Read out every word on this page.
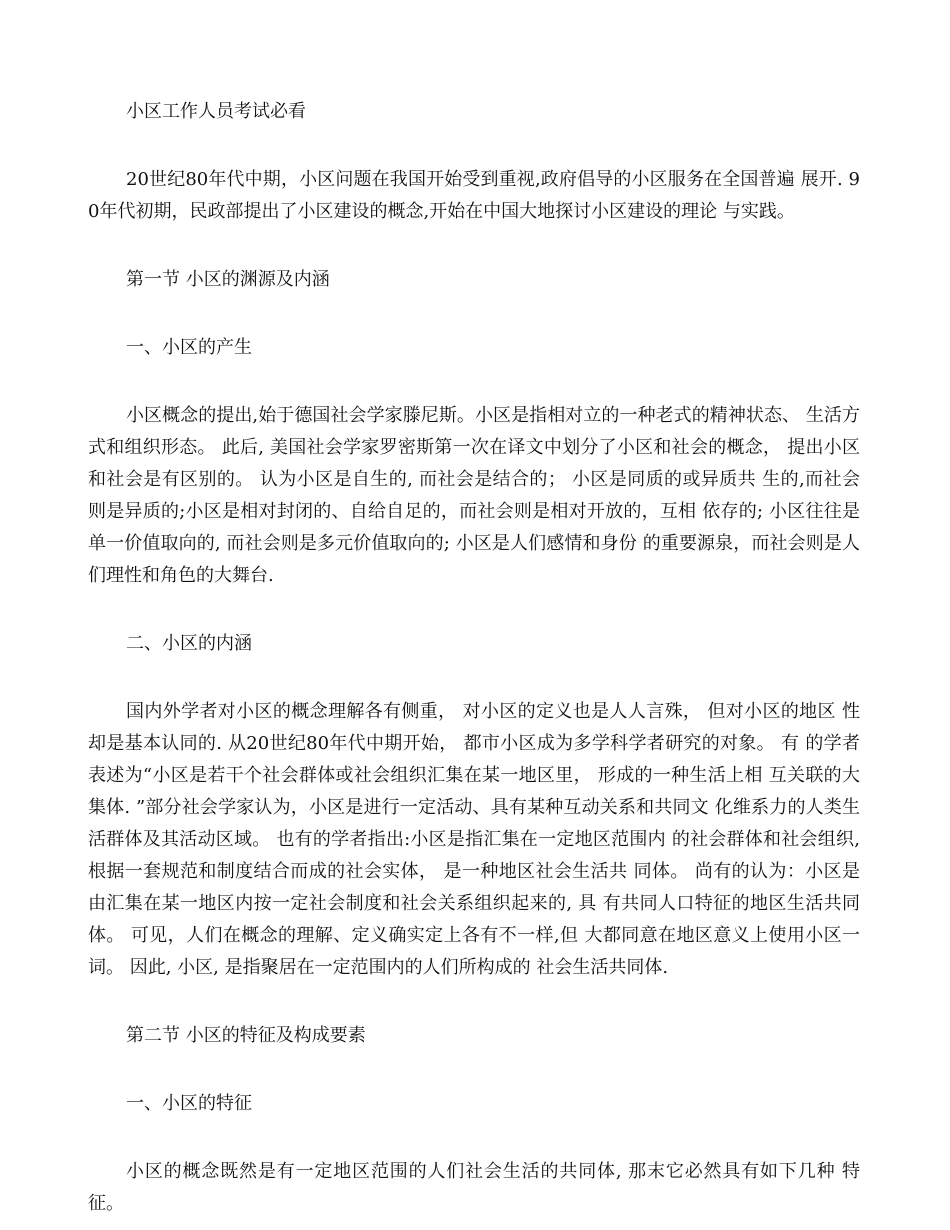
小区工作人员考试必看

20世纪80年代中期，小区问题在我国开始受到重视,政府倡导的小区服务在全国普遍 展开. 90年代初期，民政部提出了小区建设的概念,开始在中国大地探讨小区建设的理论 与实践。

第一节 小区的渊源及内涵

一、小区的产生

小区概念的提出,始于德国社会学家滕尼斯。小区是指相对立的一种老式的精神状态、 生活方式和组织形态。 此后, 美国社会学家罗密斯第一次在译文中划分了小区和社会的概念， 提出小区和社会是有区别的。 认为小区是自生的, 而社会是结合的； 小区是同质的或异质共 生的,而社会则是异质的;小区是相对封闭的、自给自足的，而社会则是相对开放的，互相 依存的; 小区往往是单一价值取向的, 而社会则是多元价值取向的; 小区是人们感情和身份 的重要源泉，而社会则是人们理性和角色的大舞台.

二、小区的内涵

国内外学者对小区的概念理解各有侧重， 对小区的定义也是人人言殊， 但对小区的地区 性却是基本认同的. 从20世纪80年代中期开始， 都市小区成为多学科学者研究的对象。 有 的学者表述为“小区是若干个社会群体或社会组织汇集在某一地区里， 形成的一种生活上相 互关联的大集体. ”部分社会学家认为，小区是进行一定活动、具有某种互动关系和共同文 化维系力的人类生活群体及其活动区域。 也有的学者指出:小区是指汇集在一定地区范围内 的社会群体和社会组织, 根据一套规范和制度结合而成的社会实体， 是一种地区社会生活共 同体。 尚有的认为：小区是由汇集在某一地区内按一定社会制度和社会关系组织起来的, 具 有共同人口特征的地区生活共同体。 可见，人们在概念的理解、定义确实定上各有不一样,但 大都同意在地区意义上使用小区一词。 因此, 小区, 是指聚居在一定范围内的人们所构成的 社会生活共同体.

第二节 小区的特征及构成要素

一、小区的特征

小区的概念既然是有一定地区范围的人们社会生活的共同体, 那末它必然具有如下几种 特征。
